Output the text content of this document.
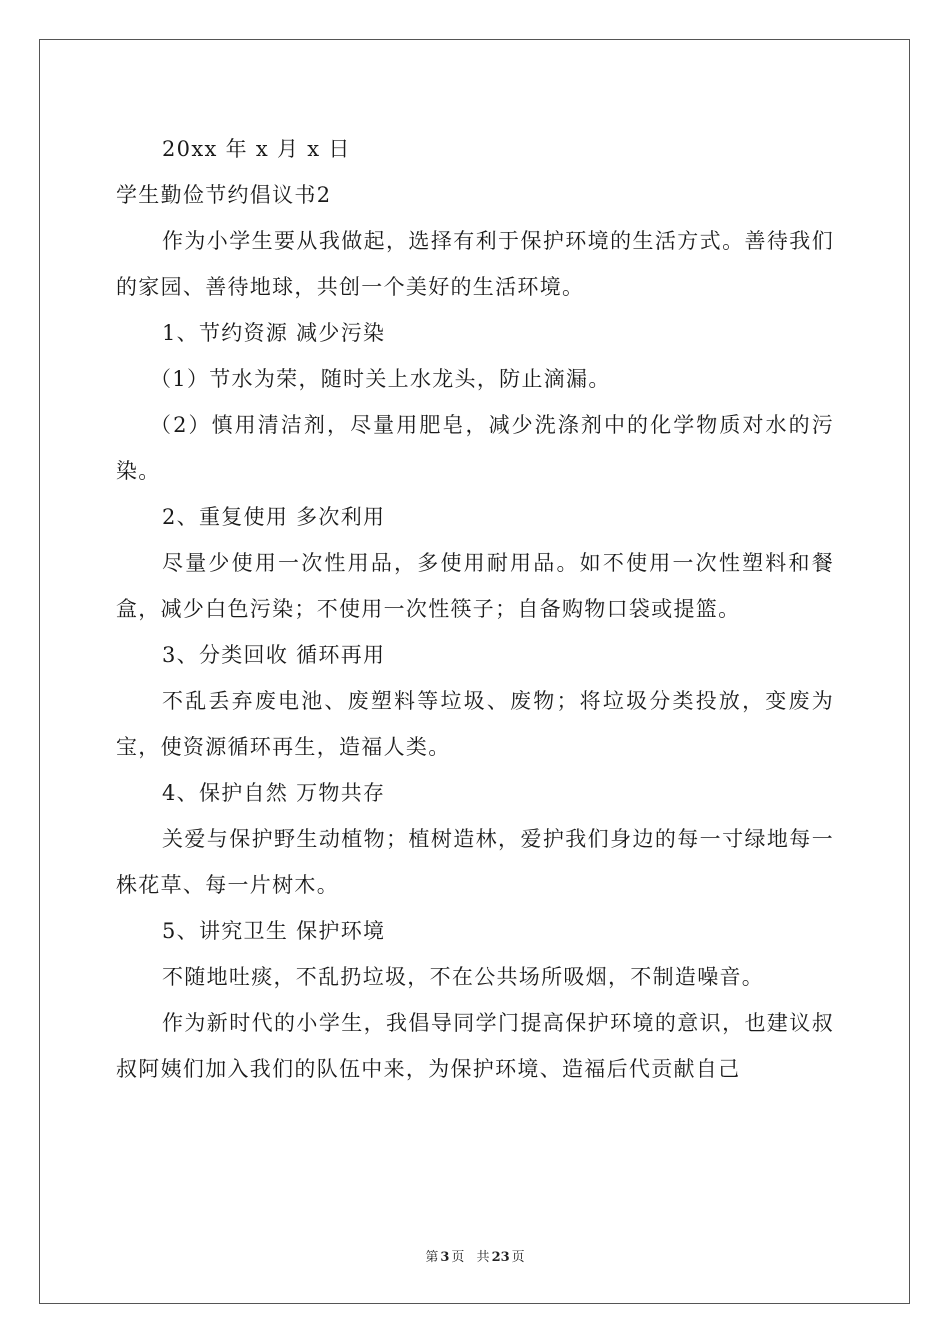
20xx 年 x 月 x 日

学生勤俭节约倡议书2

作为小学生要从我做起，选择有利于保护环境的生活方式。善待我们的家园、善待地球，共创一个美好的生活环境。

1、节约资源 减少污染

（1）节水为荣，随时关上水龙头，防止滴漏。

（2）慎用清洁剂，尽量用肥皂，减少洗涤剂中的化学物质对水的污染。

2、重复使用 多次利用

尽量少使用一次性用品，多使用耐用品。如不使用一次性塑料和餐盒，减少白色污染；不使用一次性筷子；自备购物口袋或提篮。

3、分类回收 循环再用

不乱丢弃废电池、废塑料等垃圾、废物；将垃圾分类投放，变废为宝，使资源循环再生，造福人类。

4、保护自然 万物共存

关爱与保护野生动植物；植树造林，爱护我们身边的每一寸绿地每一株花草、每一片树木。

5、讲究卫生 保护环境

不随地吐痰，不乱扔垃圾，不在公共场所吸烟，不制造噪音。

作为新时代的小学生，我倡导同学门提高保护环境的意识，也建议叔叔阿姨们加入我们的队伍中来，为保护环境、造福后代贡献自己

第 3 页 共 23 页
